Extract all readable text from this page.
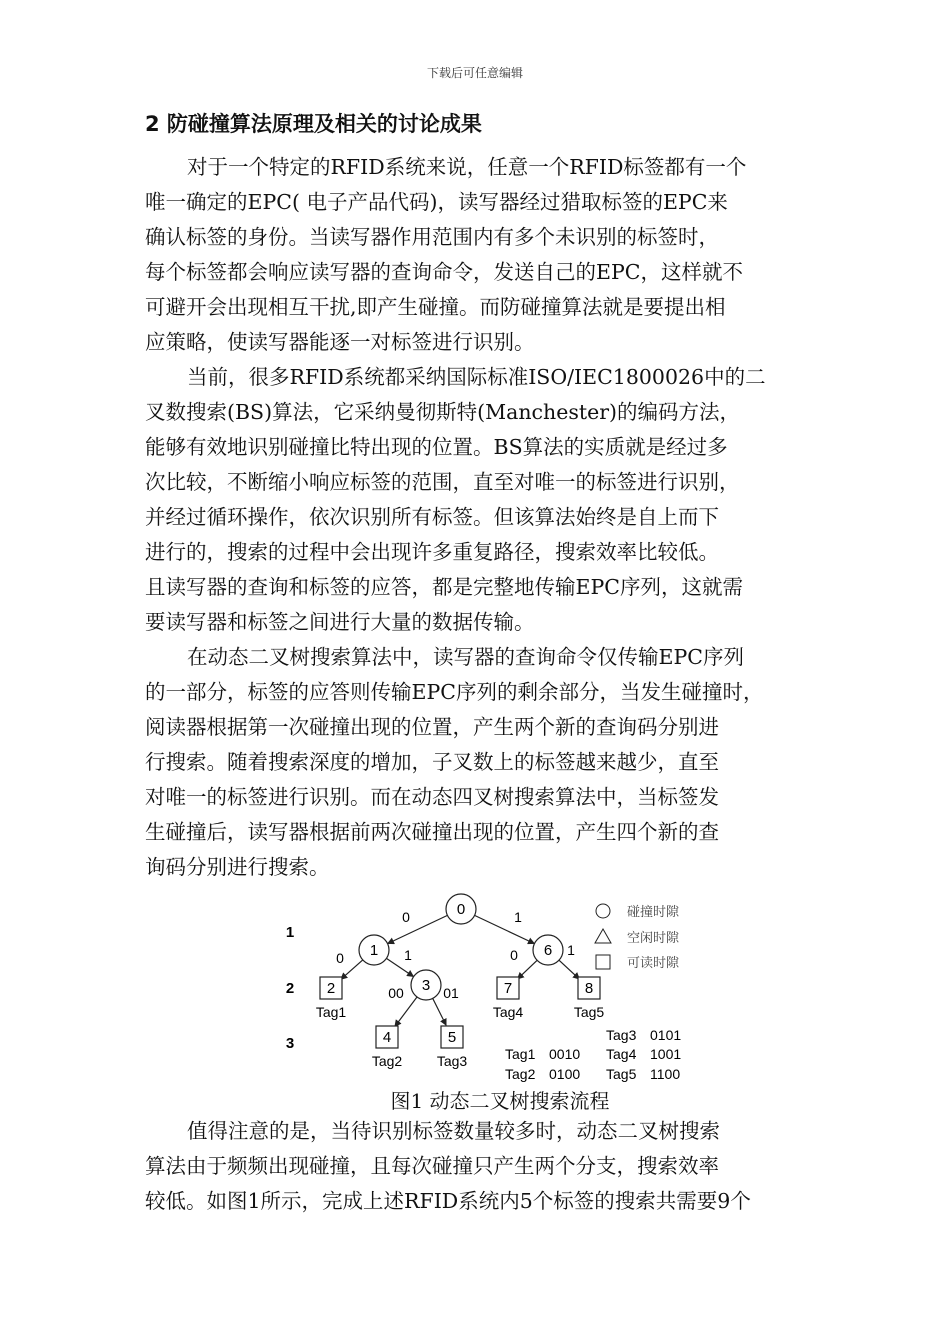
下载后可任意编辑
2 防碰撞算法原理及相关的讨论成果
对于一个特定的RFID系统来说，任意一个RFID标签都有一个
唯一确定的EPC( 电子产品代码)，读写器经过猎取标签的EPC来
确认标签的身份。当读写器作用范围内有多个未识别的标签时，
每个标签都会响应读写器的查询命令，发送自己的EPC，这样就不
可避开会出现相互干扰,即产生碰撞。而防碰撞算法就是要提出相
应策略，使读写器能逐一对标签进行识别。
当前，很多RFID系统都采纳国际标准ISO/IEC1800026中的二
叉数搜索(BS)算法，它采纳曼彻斯特(Manchester)的编码方法，
能够有效地识别碰撞比特出现的位置。BS算法的实质就是经过多
次比较，不断缩小响应标签的范围，直至对唯一的标签进行识别，
并经过循环操作，依次识别所有标签。但该算法始终是自上而下
进行的，搜索的过程中会出现许多重复路径，搜索效率比较低。
且读写器的查询和标签的应答，都是完整地传输EPC序列，这就需
要读写器和标签之间进行大量的数据传输。
在动态二叉树搜索算法中，读写器的查询命令仅传输EPC序列
的一部分，标签的应答则传输EPC序列的剩余部分，当发生碰撞时，
阅读器根据第一次碰撞出现的位置，产生两个新的查询码分别进
行搜索。随着搜索深度的增加，子叉数上的标签越来越少，直至
对唯一的标签进行识别。而在动态四叉树搜索算法中，当标签发
生碰撞后，读写器根据前两次碰撞出现的位置，产生四个新的查
询码分别进行搜索。
0	1
0	1	0	1
00	01
0
1	6
2
Tag1
3	7
Tag4
8
Tag5
4
Tag2
5
Tag3
1
2
3
碰撞时隙
空闲时隙
可读时隙
Tag1 0010
Tag2 0100
Tag3 0101
Tag4 1001
Tag5 1100
图1 动态二叉树搜索流程
值得注意的是，当待识别标签数量较多时，动态二叉树搜索
算法由于频频出现碰撞，且每次碰撞只产生两个分支，搜索效率
较低。如图1所示，完成上述RFID系统内5个标签的搜索共需要9个
